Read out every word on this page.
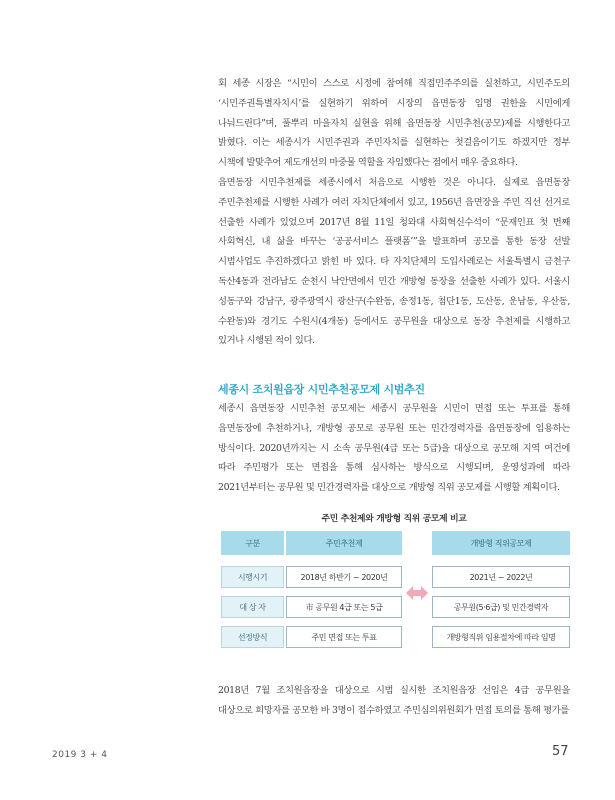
회 세종 시장은 “시민이 스스로 시정에 참여해 직접민주주의를 실천하고, 시민주도의 ‘시민주권특별자치시’를 실현하기 위하여 시장의 읍면동장 임명 권한을 시민에게 나눠드린다”며, 풀뿌리 마을자치 실현을 위해 읍면동장 시민추천(공모)제를 시행한다고 밝혔다. 이는 세종시가 시민주권과 주민자치를 실현하는 첫걸음이기도 하겠지만 정부 시책에 발맞추어 제도개선의 마중물 역할을 자임했다는 점에서 매우 중요하다.

읍면동장 시민추천제를 세종시에서 처음으로 시행한 것은 아니다. 실제로 읍면동장 주민추천제를 시행한 사례가 여러 자치단체에서 있고, 1956년 읍면장을 주민 직선 선거로 선출한 사례가 있었으며 2017년 8월 11일 청와대 사회혁신수석이 “문재인표 첫 번째 사회혁신, 내 삶을 바꾸는 ‘공공서비스 플랫폼’”을 발표하며 공모를 통한 동장 선발 시범사업도 추진하겠다고 밝힌 바 있다. 타 자치단체의 도입사례로는 서울특별시 금천구 독산4동과 전라남도 순천시 낙안면에서 민간 개방형 동장을 선출한 사례가 있다. 서울시 성동구와 강남구, 광주광역시 광산구(수완동, 송정1동, 첨단1동, 도산동, 운남동, 우산동, 수완동)와 경기도 수원시(4개동) 등에서도 공무원을 대상으로 동장 추천제를 시행하고 있거나 시행된 적이 있다.

세종시 조치원읍장 시민추천공모제 시범추진

세종시 읍면동장 시민추천 공모제는 세종시 공무원을 시민이 면접 또는 투표를 통해 읍면동장에 추천하거나, 개방형 공모로 공무원 또는 민간경력자를 읍면동장에 임용하는 방식이다. 2020년까지는 시 소속 공무원(4급 또는 5급)을 대상으로 공모해 지역 여건에 따라 주민평가 또는 면접을 통해 심사하는 방식으로 시행되며, 운영성과에 따라 2021년부터는 공무원 및 민간경력자를 대상으로 개방형 직위 공모제를 시행할 계획이다.

주민 추천제와 개방형 직위 공모제 비교
구분	주민추천제	개방형 직위공모제
시행시기	2018년 하반기 ~ 2020년	2021년 ~ 2022년
대 상 자	市 공무원 4급 또는 5급	공무원(5·6급) 및 민간경력자
선정방식	주민 면접 또는 투표	개방형직위 임용절차에 따라 임명

2018년 7월 조치원읍장을 대상으로 시범 실시한 조치원읍장 선임은 4급 공무원을 대상으로 희망자를 공모한 바 3명이 접수하였고 주민심의위원회가 면접 토의를 통해 평가를

2019 3 + 4	57
